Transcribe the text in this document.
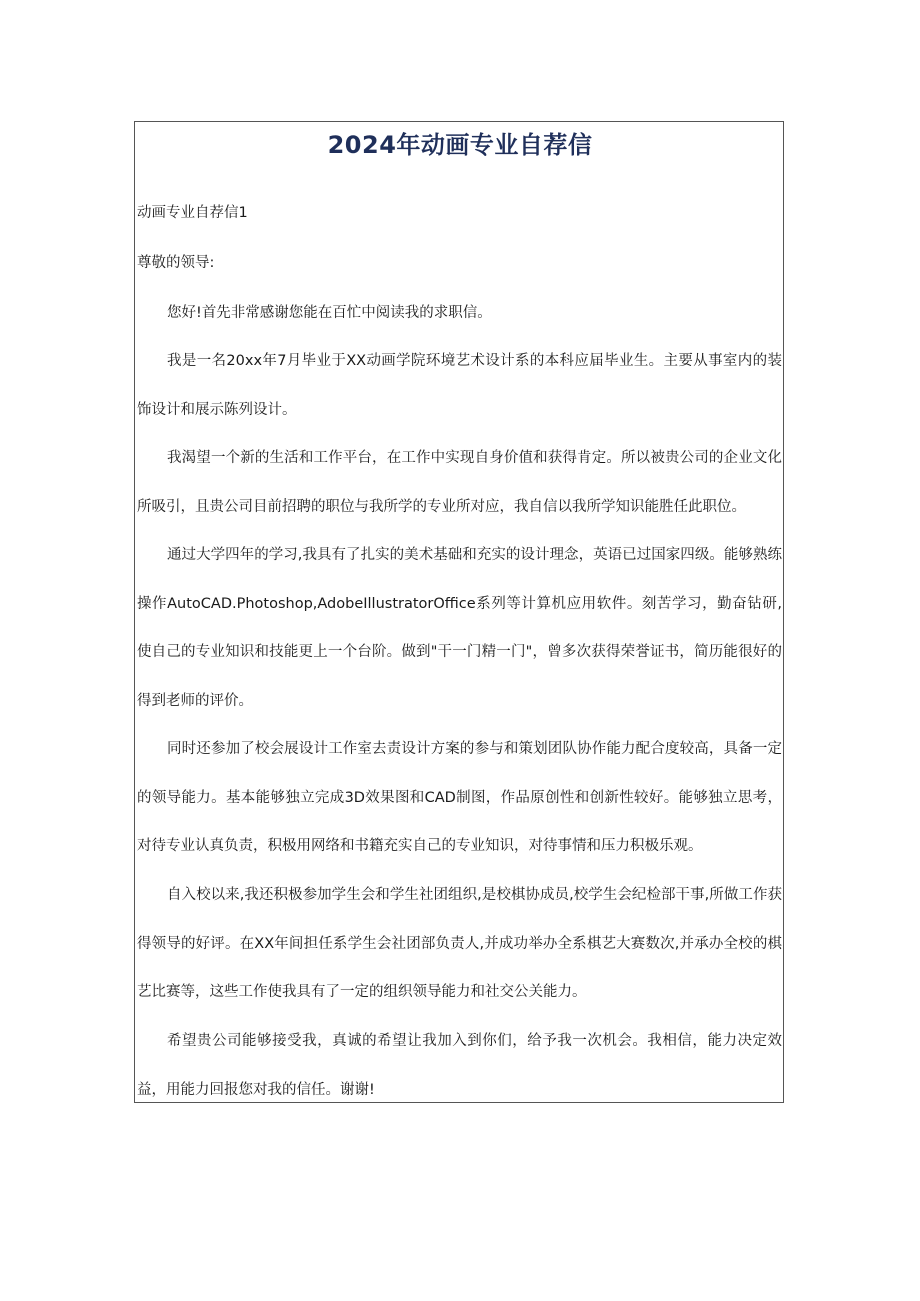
2024年动画专业自荐信
动画专业自荐信1
尊敬的领导:

您好!首先非常感谢您能在百忙中阅读我的求职信。

我是一名20xx年7月毕业于XX动画学院环境艺术设计系的本科应届毕业生。主要从事室内的装饰设计和展示陈列设计。

我渴望一个新的生活和工作平台，在工作中实现自身价值和获得肯定。所以被贵公司的企业文化所吸引，且贵公司目前招聘的职位与我所学的专业所对应，我自信以我所学知识能胜任此职位。

通过大学四年的学习,我具有了扎实的美术基础和充实的设计理念，英语已过国家四级。能够熟练操作AutoCAD.Photoshop,AdobeIllustratorOffice系列等计算机应用软件。刻苦学习，勤奋钻研,使自己的专业知识和技能更上一个台阶。做到"干一门精一门"，曾多次获得荣誉证书，简历能很好的得到老师的评价。

同时还参加了校会展设计工作室去责设计方案的参与和策划团队协作能力配合度较高，具备一定的领导能力。基本能够独立完成3D效果图和CAD制图，作品原创性和创新性较好。能够独立思考，对待专业认真负责，积极用网络和书籍充实自己的专业知识，对待事情和压力积极乐观。

自入校以来,我还积极参加学生会和学生社团组织,是校棋协成员,校学生会纪检部干事,所做工作获得领导的好评。在XX年间担任系学生会社团部负责人,并成功举办全系棋艺大赛数次,并承办全校的棋艺比赛等，这些工作使我具有了一定的组织领导能力和社交公关能力。

希望贵公司能够接受我，真诚的希望让我加入到你们，给予我一次机会。我相信，能力决定效益，用能力回报您对我的信任。谢谢!
